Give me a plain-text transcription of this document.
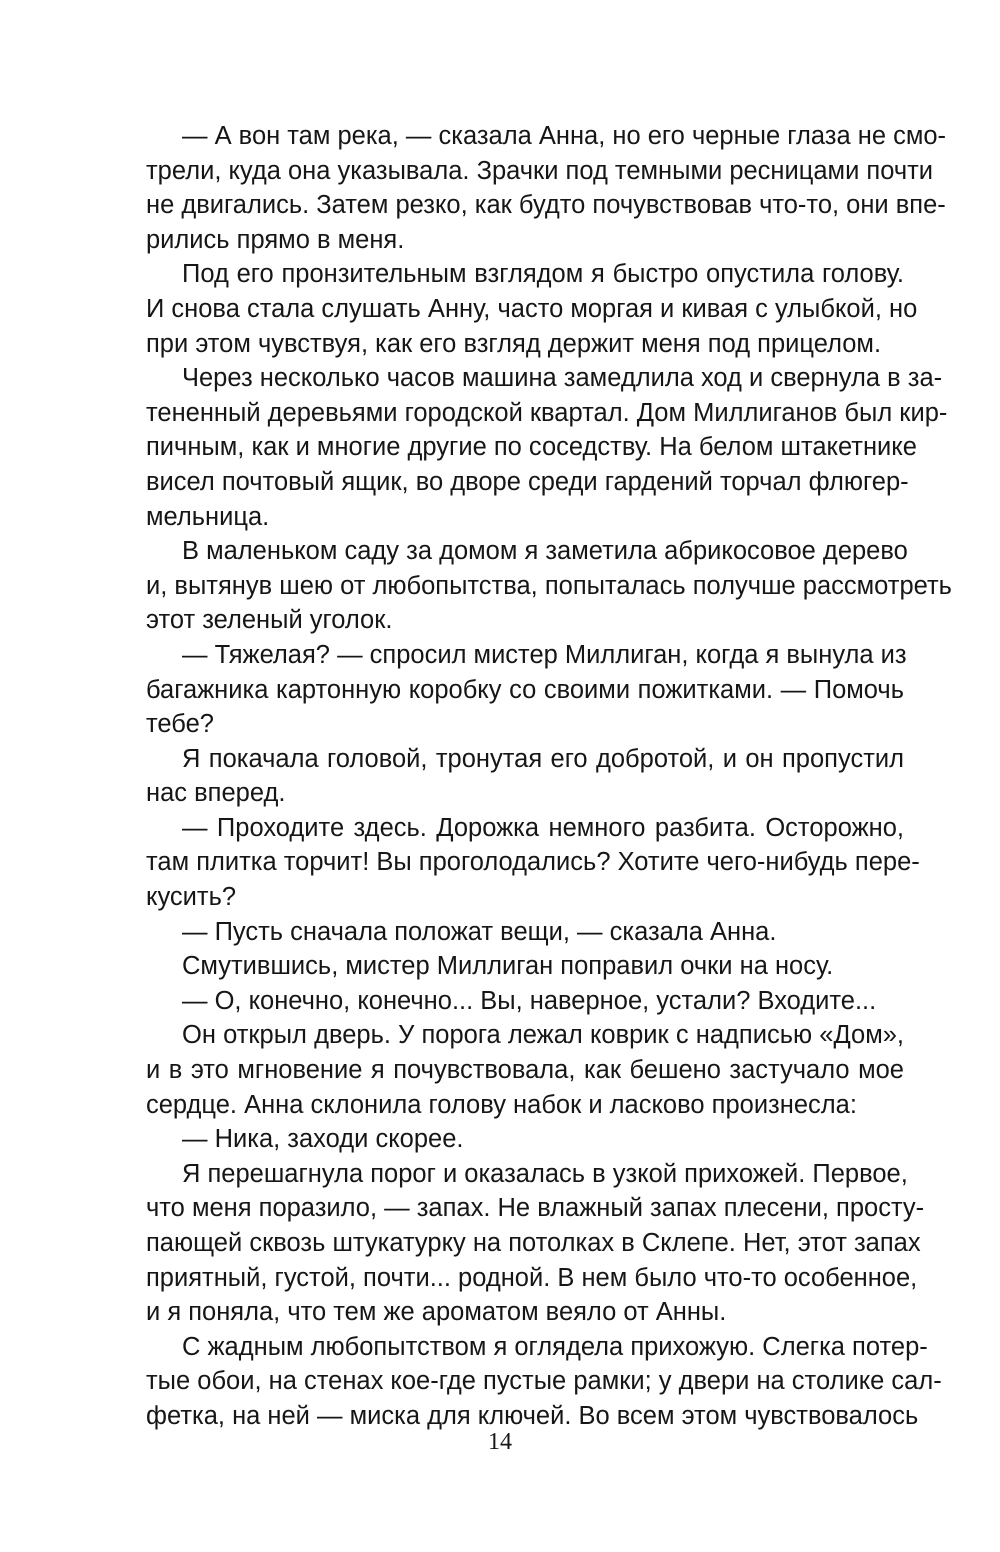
— А вон там река, — сказала Анна, но его черные глаза не смо-
трели, куда она указывала. Зрачки под темными ресницами почти
не двигались. Затем резко, как будто почувствовав что-то, они впе-
рились прямо в меня.
Под его пронзительным взглядом я быстро опустила голову.
И снова стала слушать Анну, часто моргая и кивая с улыбкой, но
при этом чувствуя, как его взгляд держит меня под прицелом.
Через несколько часов машина замедлила ход и свернула в за-
тененный деревьями городской квартал. Дом Миллиганов был кир-
пичным, как и многие другие по соседству. На белом штакетнике
висел почтовый ящик, во дворе среди гардений торчал флюгер-
мельница.
В маленьком саду за домом я заметила абрикосовое дерево
и, вытянув шею от любопытства, попыталась получше рассмотреть
этот зеленый уголок.
— Тяжелая? — спросил мистер Миллиган, когда я вынула из
багажника картонную коробку со своими пожитками. — Помочь
тебе?
Я покачала головой, тронутая его добротой, и он пропустил
нас вперед.
— Проходите здесь. Дорожка немного разбита. Осторожно,
там плитка торчит! Вы проголодались? Хотите чего-нибудь пере-
кусить?
— Пусть сначала положат вещи, — сказала Анна.
Смутившись, мистер Миллиган поправил очки на носу.
— О, конечно, конечно... Вы, наверное, устали? Входите...
Он открыл дверь. У порога лежал коврик с надписью «Дом»,
и в это мгновение я почувствовала, как бешено застучало мое
сердце. Анна склонила голову набок и ласково произнесла:
— Ника, заходи скорее.
Я перешагнула порог и оказалась в узкой прихожей. Первое,
что меня поразило, — запах. Не влажный запах плесени, просту-
пающей сквозь штукатурку на потолках в Склепе. Нет, этот запах
приятный, густой, почти... родной. В нем было что-то особенное,
и я поняла, что тем же ароматом веяло от Анны.
С жадным любопытством я оглядела прихожую. Слегка потер-
тые обои, на стенах кое-где пустые рамки; у двери на столике сал-
фетка, на ней — миска для ключей. Во всем этом чувствовалось
14
